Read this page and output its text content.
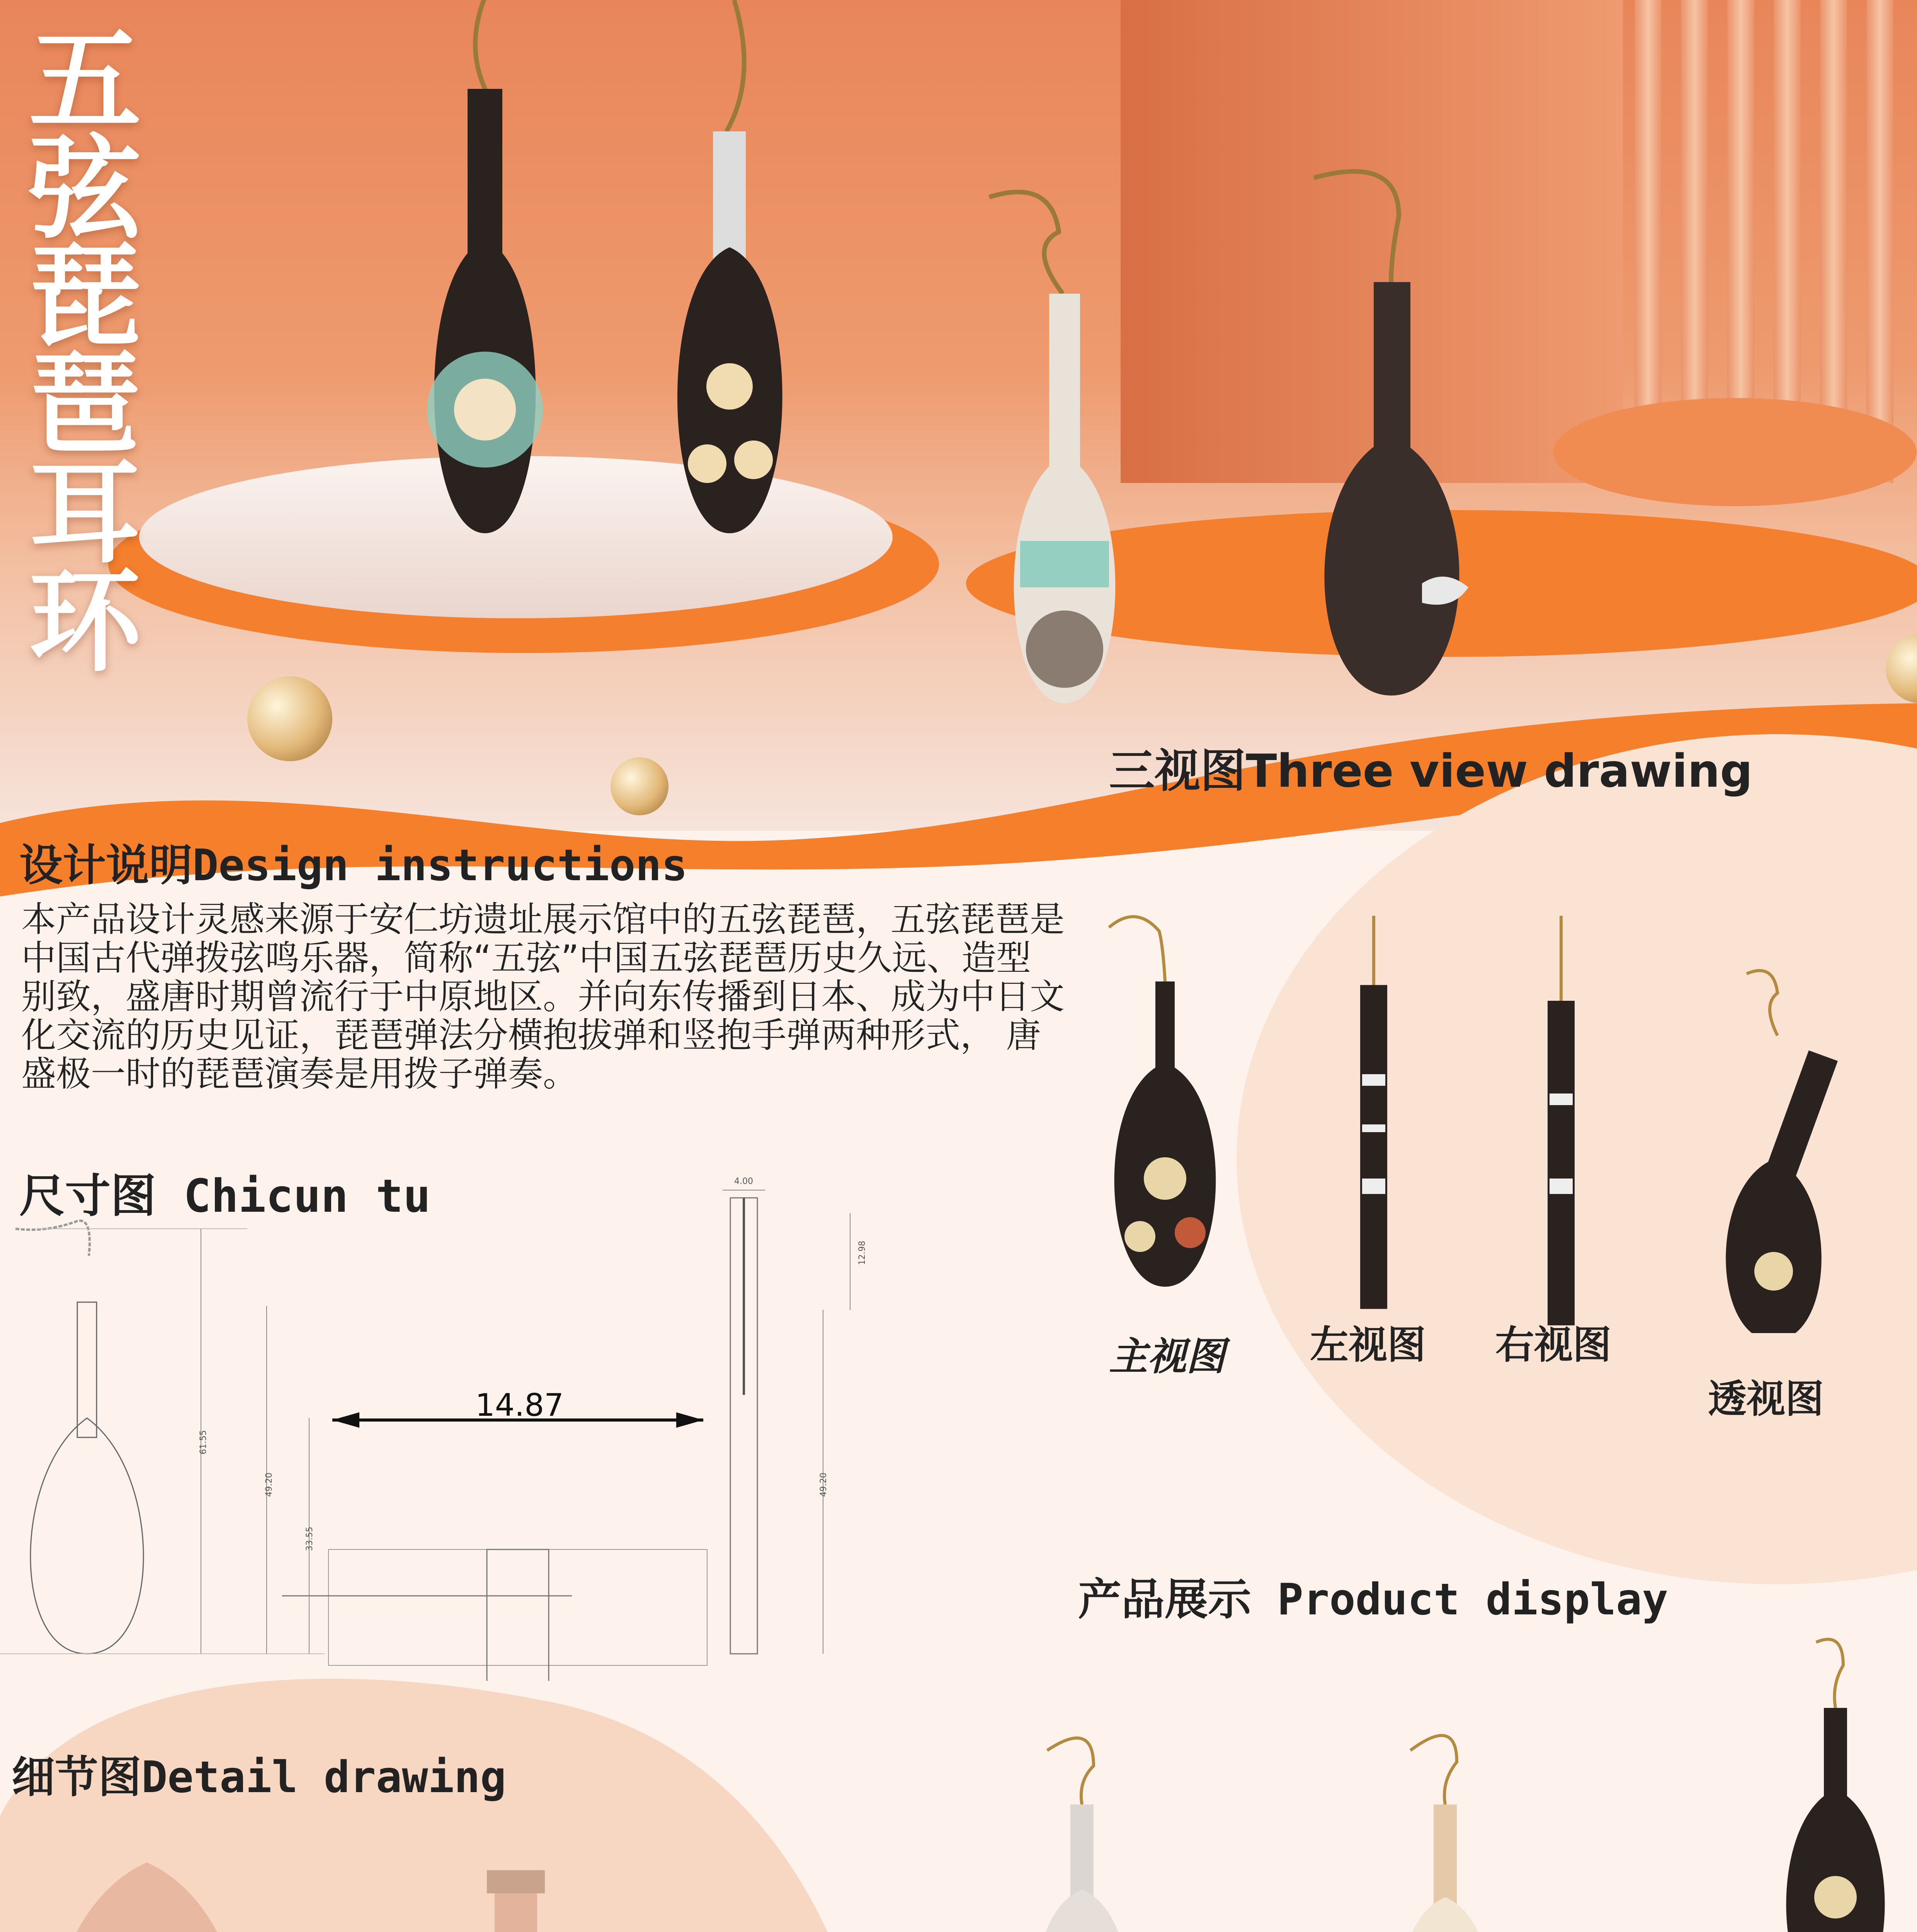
五
弦
琵
琶
耳
环
三视图Three view drawing
设计说明Design instructions
本产品设计灵感来源于安仁坊遗址展示馆中的五弦琵琶，五弦琵琶是中国古代弹拨弦鸣乐器，简称“五弦”中国五弦琵琶历史久远、造型别致，盛唐时期曾流行于中原地区。并向东传播到日本、成为中日文化交流的历史见证，琵琶弹法分横抱拔弹和竖抱手弹两种形式， 唐盛极一时的琵琶演奏是用拨子弹奏。
尺寸图 Chicun tu
细节图Detail drawing
产品展示 Product display
14.87
4.00
12.98
61.55
49.20
33.55
49.20
主视图 左视图 右视图
透视图
